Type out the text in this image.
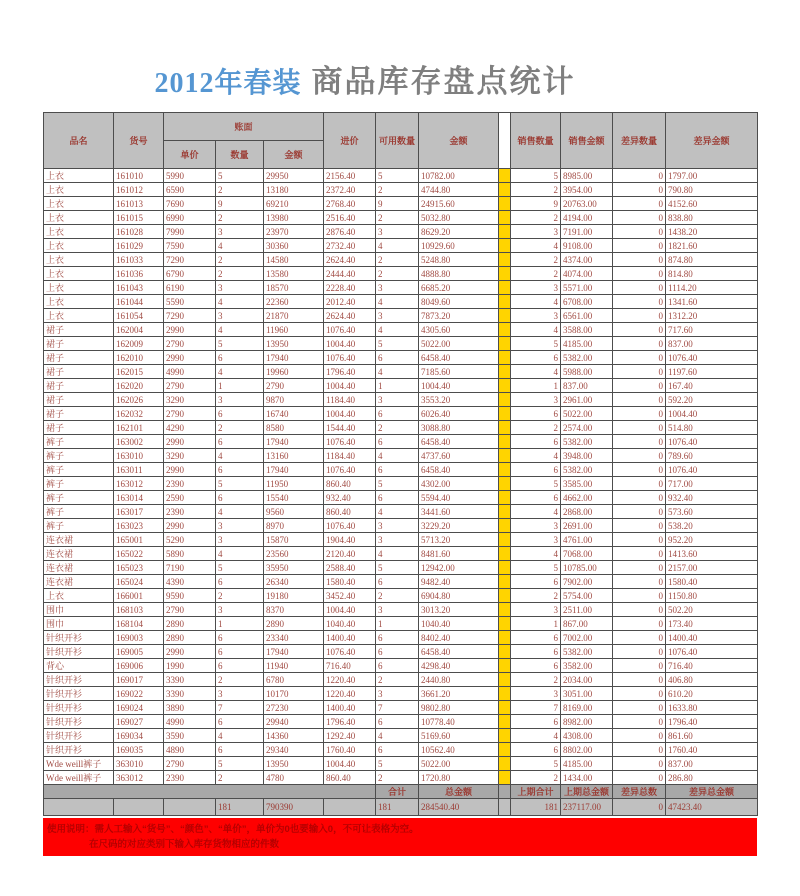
2012年春装 商品库存盘点统计
品名	货号	账面			进价	可用数量	金额		销售数量	销售金额	差异数量	差异金额
		单价	数量	金额								
上衣	161010	5990	5	29950	2156.40	5	10782.00		5	8985.00	0	1797.00
上衣	161012	6590	2	13180	2372.40	2	4744.80		2	3954.00	0	790.80
上衣	161013	7690	9	69210	2768.40	9	24915.60		9	20763.00	0	4152.60
上衣	161015	6990	2	13980	2516.40	2	5032.80		2	4194.00	0	838.80
上衣	161028	7990	3	23970	2876.40	3	8629.20		3	7191.00	0	1438.20
上衣	161029	7590	4	30360	2732.40	4	10929.60		4	9108.00	0	1821.60
上衣	161033	7290	2	14580	2624.40	2	5248.80		2	4374.00	0	874.80
上衣	161036	6790	2	13580	2444.40	2	4888.80		2	4074.00	0	814.80
上衣	161043	6190	3	18570	2228.40	3	6685.20		3	5571.00	0	1114.20
上衣	161044	5590	4	22360	2012.40	4	8049.60		4	6708.00	0	1341.60
上衣	161054	7290	3	21870	2624.40	3	7873.20		3	6561.00	0	1312.20
裙子	162004	2990	4	11960	1076.40	4	4305.60		4	3588.00	0	717.60
裙子	162009	2790	5	13950	1004.40	5	5022.00		5	4185.00	0	837.00
裙子	162010	2990	6	17940	1076.40	6	6458.40		6	5382.00	0	1076.40
裙子	162015	4990	4	19960	1796.40	4	7185.60		4	5988.00	0	1197.60
裙子	162020	2790	1	2790	1004.40	1	1004.40		1	837.00	0	167.40
裙子	162026	3290	3	9870	1184.40	3	3553.20		3	2961.00	0	592.20
裙子	162032	2790	6	16740	1004.40	6	6026.40		6	5022.00	0	1004.40
裙子	162101	4290	2	8580	1544.40	2	3088.80		2	2574.00	0	514.80
裤子	163002	2990	6	17940	1076.40	6	6458.40		6	5382.00	0	1076.40
裤子	163010	3290	4	13160	1184.40	4	4737.60		4	3948.00	0	789.60
裤子	163011	2990	6	17940	1076.40	6	6458.40		6	5382.00	0	1076.40
裤子	163012	2390	5	11950	860.40	5	4302.00		5	3585.00	0	717.00
裤子	163014	2590	6	15540	932.40	6	5594.40		6	4662.00	0	932.40
裤子	163017	2390	4	9560	860.40	4	3441.60		4	2868.00	0	573.60
裤子	163023	2990	3	8970	1076.40	3	3229.20		3	2691.00	0	538.20
连衣裙	165001	5290	3	15870	1904.40	3	5713.20		3	4761.00	0	952.20
连衣裙	165022	5890	4	23560	2120.40	4	8481.60		4	7068.00	0	1413.60
连衣裙	165023	7190	5	35950	2588.40	5	12942.00		5	10785.00	0	2157.00
连衣裙	165024	4390	6	26340	1580.40	6	9482.40		6	7902.00	0	1580.40
上衣	166001	9590	2	19180	3452.40	2	6904.80		2	5754.00	0	1150.80
围巾	168103	2790	3	8370	1004.40	3	3013.20		3	2511.00	0	502.20
围巾	168104	2890	1	2890	1040.40	1	1040.40		1	867.00	0	173.40
针织开衫	169003	2890	6	23340	1400.40	6	8402.40		6	7002.00	0	1400.40
针织开衫	169005	2990	6	17940	1076.40	6	6458.40		6	5382.00	0	1076.40
背心	169006	1990	6	11940	716.40	6	4298.40		6	3582.00	0	716.40
针织开衫	169017	3390	2	6780	1220.40	2	2440.80		2	2034.00	0	406.80
针织开衫	169022	3390	3	10170	1220.40	3	3661.20		3	3051.00	0	610.20
针织开衫	169024	3890	7	27230	1400.40	7	9802.80		7	8169.00	0	1633.80
针织开衫	169027	4990	6	29940	1796.40	6	10778.40		6	8982.00	0	1796.40
针织开衫	169034	3590	4	14360	1292.40	4	5169.60		4	4308.00	0	861.60
针织开衫	169035	4890	6	29340	1760.40	6	10562.40		6	8802.00	0	1760.40
Wde weill裤子	363010	2790	5	13950	1004.40	5	5022.00		5	4185.00	0	837.00
Wde weill裤子	363012	2390	2	4780	860.40	2	1720.80		2	1434.00	0	286.80
						合计	总金额		上期合计	上期总金额	差异总数	差异总金额
			181	790390		181	284540.40		181	237117.00	0	47423.40
使用说明：需人工输入“货号”、“颜色”、“单价”，单价为0也要输入0，不可让表格为空。
在尺码的对应类别下输入库存货物相应的件数
